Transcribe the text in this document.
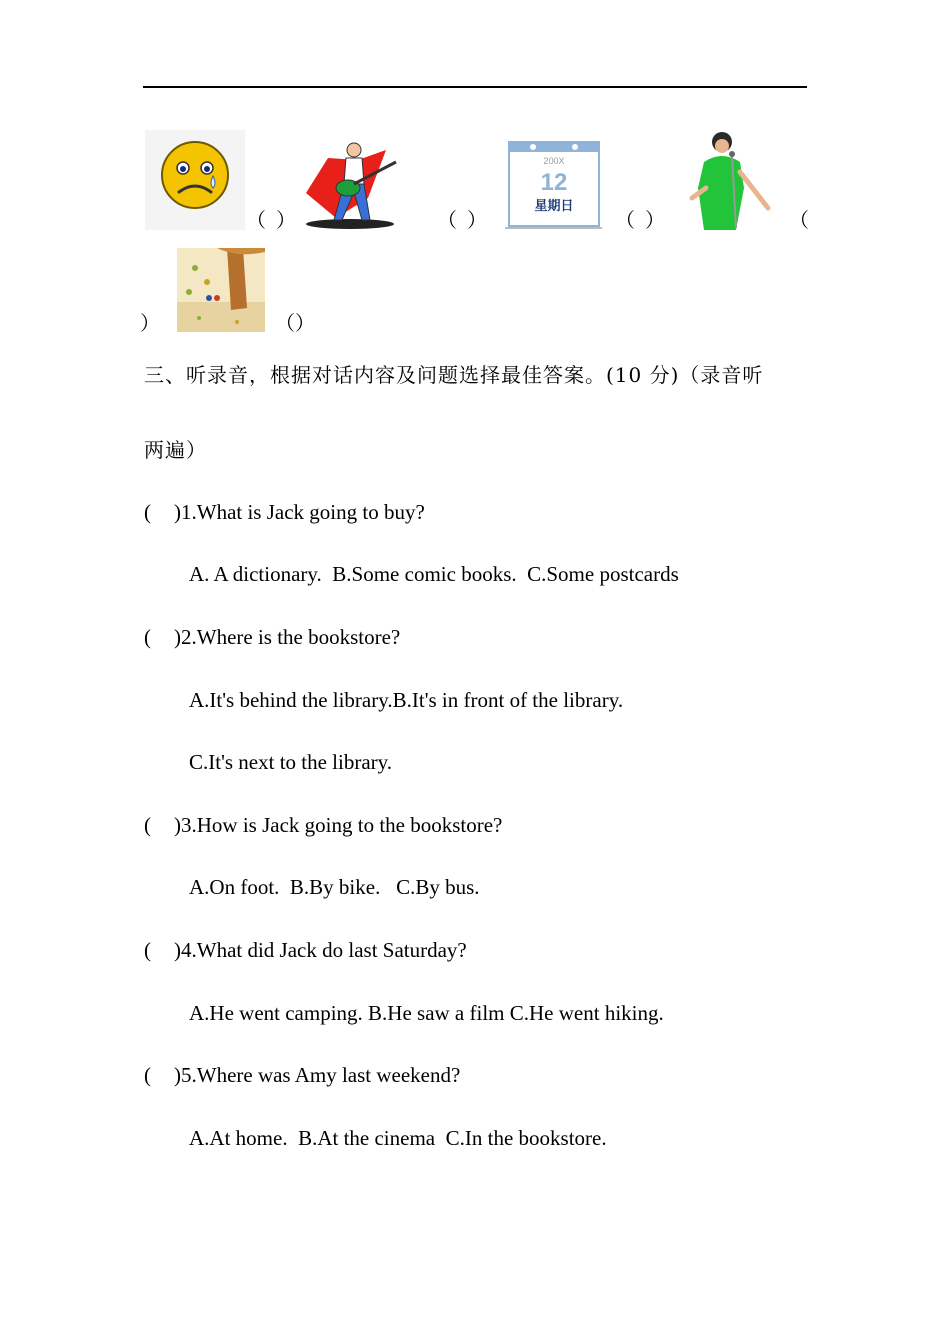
（  ）	（  ）
200X
12
星期日
（  ）	（
）	（）
三、听录音，根据对话内容及问题选择最佳答案。(10 分)（录音听
两遍）
(	)1.What is Jack going to buy?
A. A dictionary.  B.Some comic books.  C.Some postcards
(	)2.Where is the bookstore?
A.It's behind the library.B.It's in front of the library.
C.It's next to the library.
(	)3.How is Jack going to the bookstore?
A.On foot.  B.By bike.   C.By bus.
(	)4.What did Jack do last Saturday?
A.He went camping. B.He saw a film C.He went hiking.
(	)5.Where was Amy last weekend?
A.At home.  B.At the cinema  C.In the bookstore.
